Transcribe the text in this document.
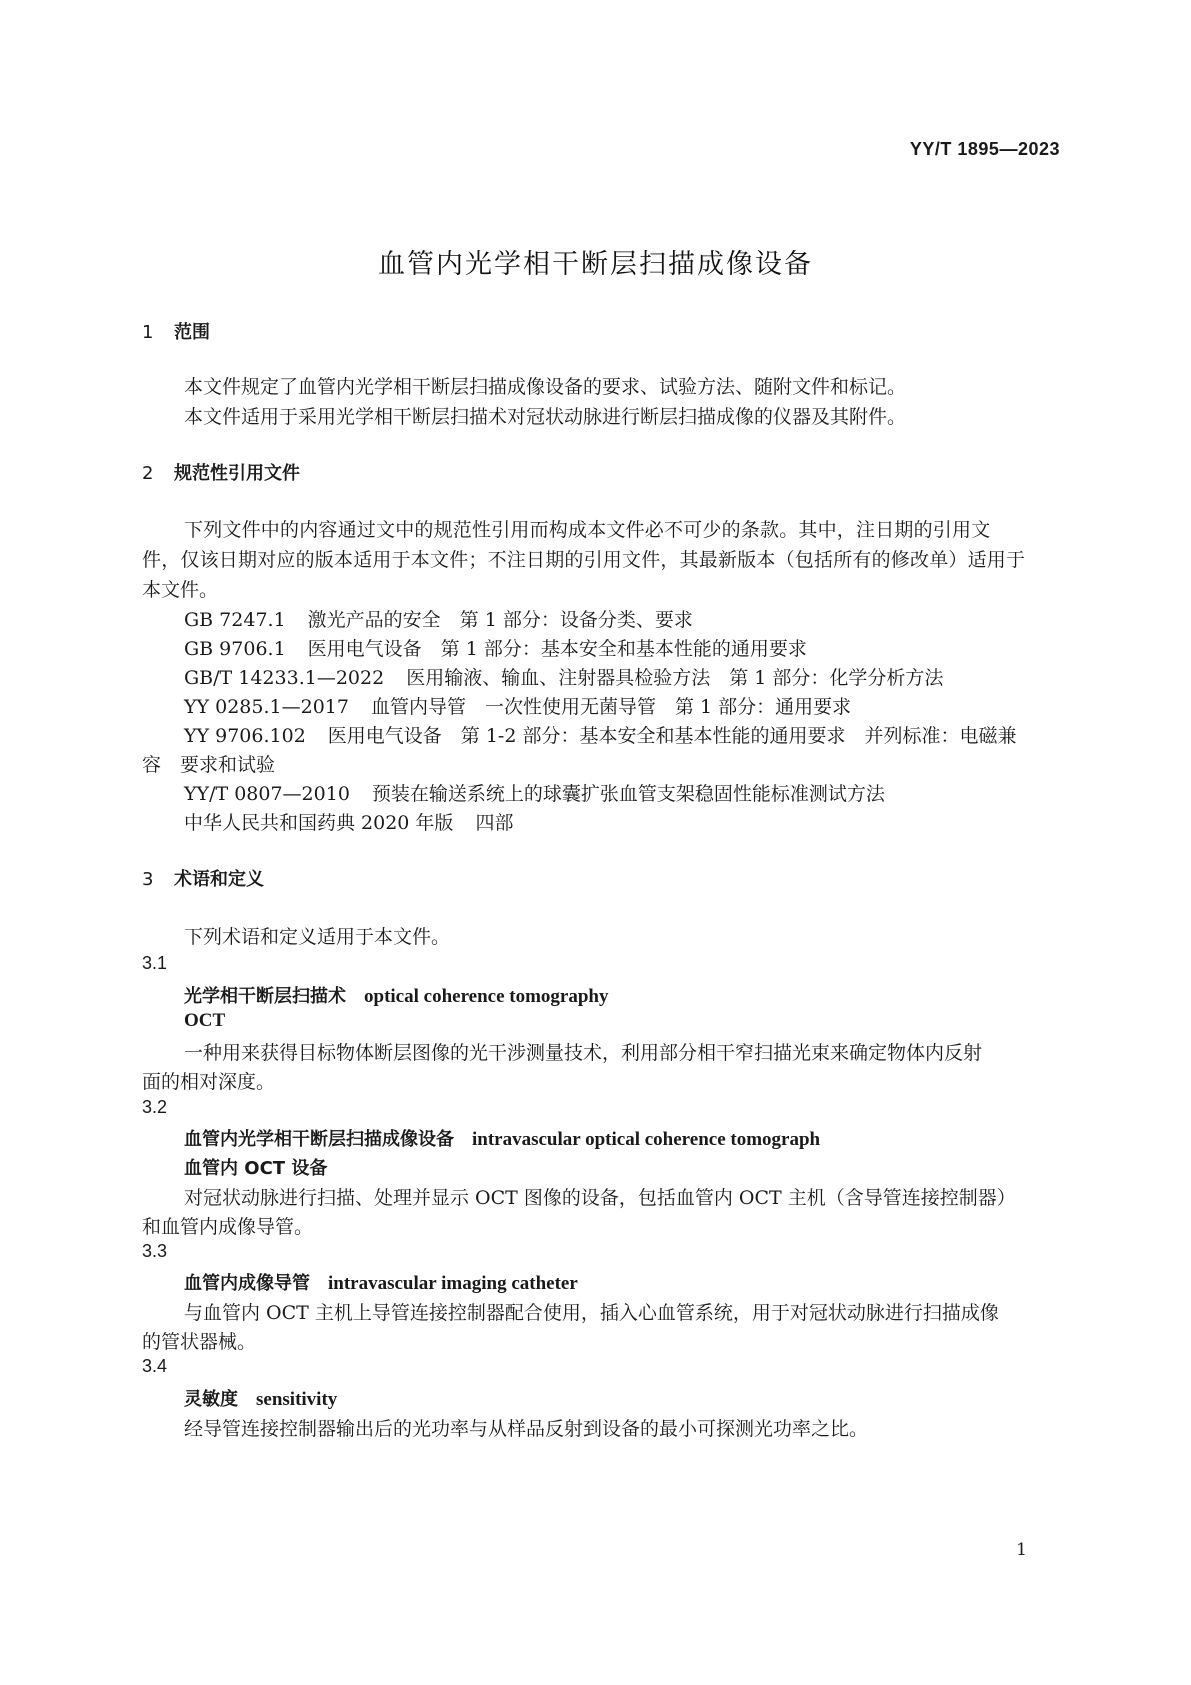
YY/T 1895—2023
血管内光学相干断层扫描成像设备
1 范围
本文件规定了血管内光学相干断层扫描成像设备的要求、试验方法、随附文件和标记。
本文件适用于采用光学相干断层扫描术对冠状动脉进行断层扫描成像的仪器及其附件。
2 规范性引用文件
下列文件中的内容通过文中的规范性引用而构成本文件必不可少的条款。其中，注日期的引用文
件，仅该日期对应的版本适用于本文件；不注日期的引用文件，其最新版本（包括所有的修改单）适用于
本文件。
GB 7247.1 激光产品的安全　第 1 部分：设备分类、要求
GB 9706.1 医用电气设备　第 1 部分：基本安全和基本性能的通用要求
GB/T 14233.1—2022 医用输液、输血、注射器具检验方法　第 1 部分：化学分析方法
YY 0285.1—2017 血管内导管　一次性使用无菌导管　第 1 部分：通用要求
YY 9706.102 医用电气设备　第 1-2 部分：基本安全和基本性能的通用要求　并列标准：电磁兼
容　要求和试验
YY/T 0807—2010 预装在输送系统上的球囊扩张血管支架稳固性能标准测试方法
中华人民共和国药典 2020 年版 四部
3 术语和定义
下列术语和定义适用于本文件。
3.1
光学相干断层扫描术 optical coherence tomography
OCT
一种用来获得目标物体断层图像的光干涉测量技术，利用部分相干窄扫描光束来确定物体内反射
面的相对深度。
3.2
血管内光学相干断层扫描成像设备 intravascular optical coherence tomograph
血管内 OCT 设备
对冠状动脉进行扫描、处理并显示 OCT 图像的设备，包括血管内 OCT 主机（含导管连接控制器）
和血管内成像导管。
3.3
血管内成像导管 intravascular imaging catheter
与血管内 OCT 主机上导管连接控制器配合使用，插入心血管系统，用于对冠状动脉进行扫描成像
的管状器械。
3.4
灵敏度 sensitivity
经导管连接控制器输出后的光功率与从样品反射到设备的最小可探测光功率之比。
1
